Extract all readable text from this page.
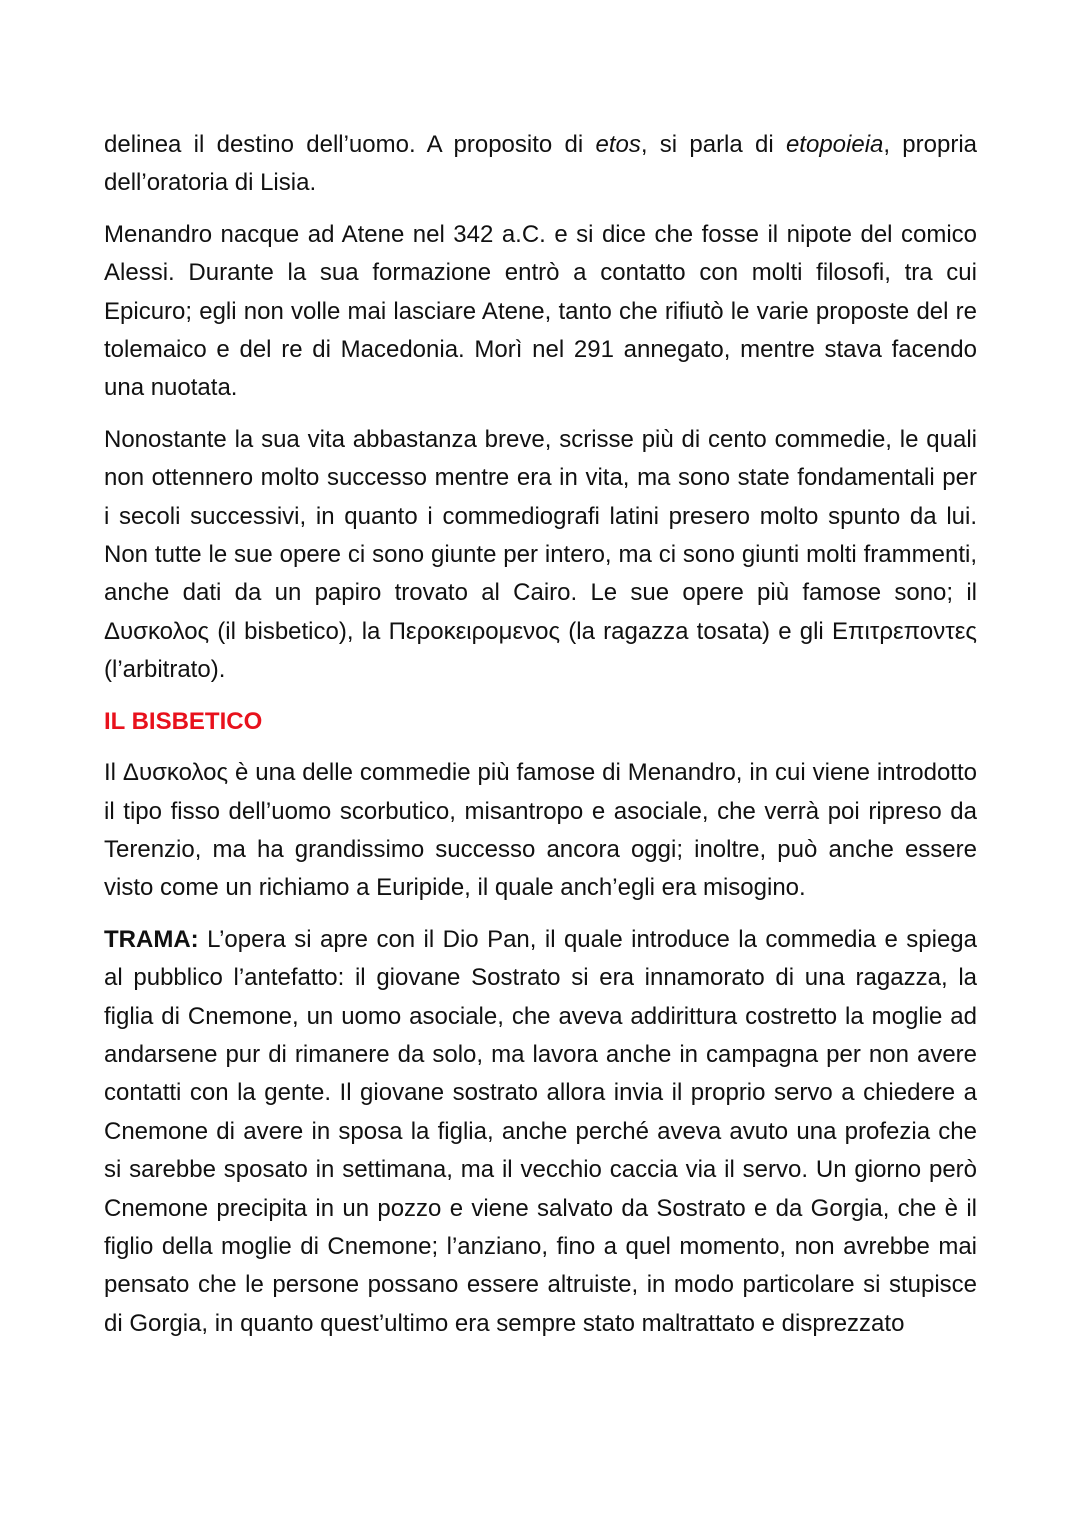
delinea il destino dell’uomo. A proposito di etos, si parla di etopoieia, propria dell’oratoria di Lisia.

Menandro nacque ad Atene nel 342 a.C. e si dice che fosse il nipote del comico Alessi. Durante la sua formazione entrò a contatto con molti filosofi, tra cui Epicuro; egli non volle mai lasciare Atene, tanto che rifiutò le varie proposte del re tolemaico e del re di Macedonia. Morì nel 291 annegato, mentre stava facendo una nuotata.

Nonostante la sua vita abbastanza breve, scrisse più di cento commedie, le quali non ottennero molto successo mentre era in vita, ma sono state fondamentali per i secoli successivi, in quanto i commediografi latini presero molto spunto da lui. Non tutte le sue opere ci sono giunte per intero, ma ci sono giunti molti frammenti, anche dati da un papiro trovato al Cairo. Le sue opere più famose sono; il Δυσκολος (il bisbetico), la Περοκειρομενος (la ragazza tosata) e gli Επιτρεποντες (l’arbitrato).

IL BISBETICO

Il Δυσκολος è una delle commedie più famose di Menandro, in cui viene introdotto il tipo fisso dell’uomo scorbutico, misantropo e asociale, che verrà poi ripreso da Terenzio, ma ha grandissimo successo ancora oggi; inoltre, può anche essere visto come un richiamo a Euripide, il quale anch’egli era misogino.

TRAMA: L’opera si apre con il Dio Pan, il quale introduce la commedia e spiega al pubblico l’antefatto: il giovane Sostrato si era innamorato di una ragazza, la figlia di Cnemone, un uomo asociale, che aveva addirittura costretto la moglie ad andarsene pur di rimanere da solo, ma lavora anche in campagna per non avere contatti con la gente. Il giovane sostrato allora invia il proprio servo a chiedere a Cnemone di avere in sposa la figlia, anche perché aveva avuto una profezia che si sarebbe sposato in settimana, ma il vecchio caccia via il servo. Un giorno però Cnemone precipita in un pozzo e viene salvato da Sostrato e da Gorgia, che è il figlio della moglie di Cnemone; l’anziano, fino a quel momento, non avrebbe mai pensato che le persone possano essere altruiste, in modo particolare si stupisce di Gorgia, in quanto quest’ultimo era sempre stato maltrattato e disprezzato
